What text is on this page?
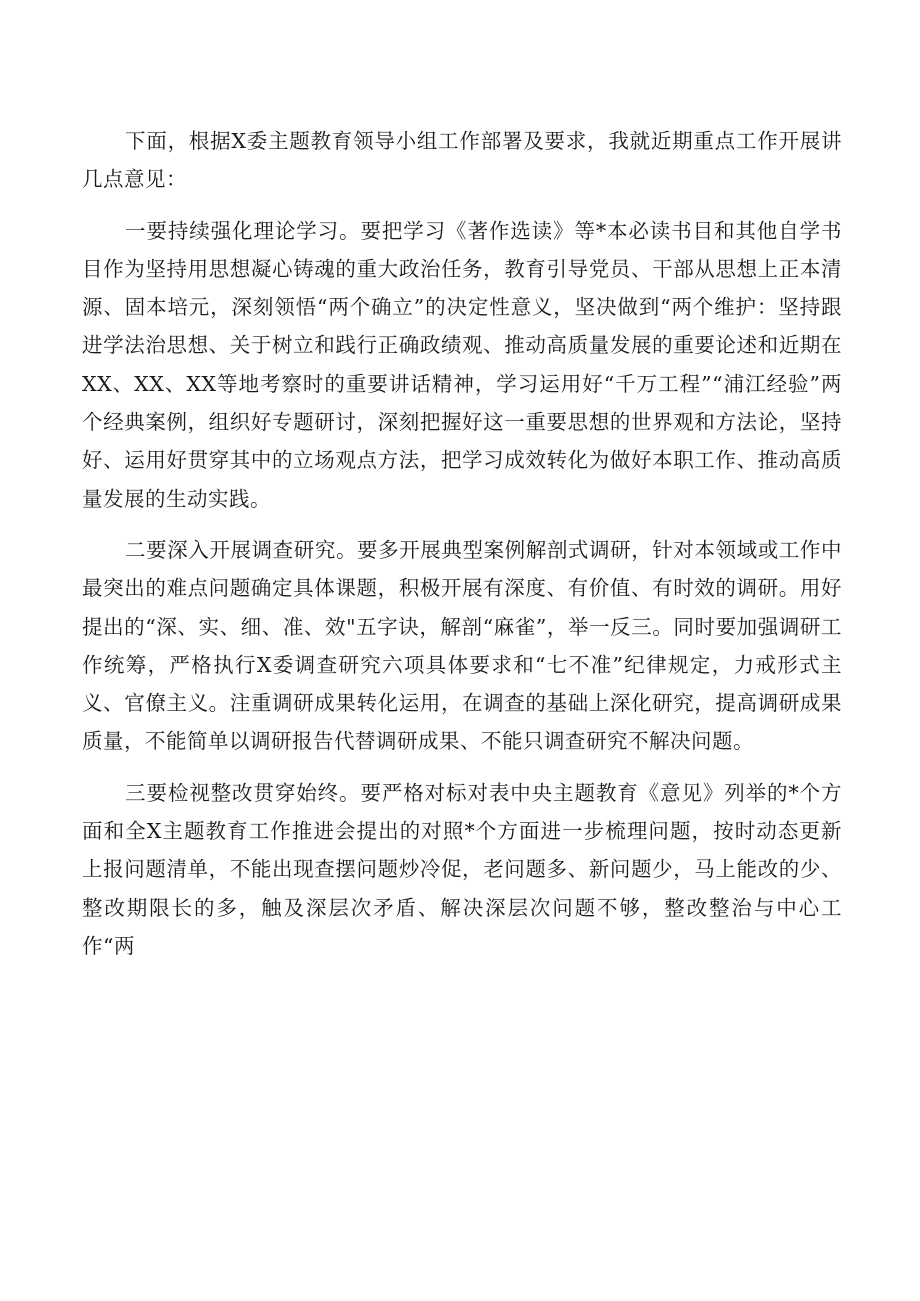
下面，根据X委主题教育领导小组工作部署及要求，我就近期重点工作开展讲几点意见：

一要持续强化理论学习。要把学习《著作选读》等*本必读书目和其他自学书目作为坚持用思想凝心铸魂的重大政治任务，教育引导党员、干部从思想上正本清源、固本培元，深刻领悟“两个确立”的决定性意义，坚决做到“两个维护：坚持跟进学法治思想、关于树立和践行正确政绩观、推动高质量发展的重要论述和近期在XX、XX、XX等地考察时的重要讲话精神，学习运用好“千万工程”“浦江经验”两个经典案例，组织好专题研讨，深刻把握好这一重要思想的世界观和方法论，坚持好、运用好贯穿其中的立场观点方法，把学习成效转化为做好本职工作、推动高质量发展的生动实践。

二要深入开展调查研究。要多开展典型案例解剖式调研，针对本领域或工作中最突出的难点问题确定具体课题，积极开展有深度、有价值、有时效的调研。用好提出的“深、实、细、准、效"五字诀，解剖“麻雀”，举一反三。同时要加强调研工作统筹，严格执行X委调查研究六项具体要求和“七不准”纪律规定，力戒形式主义、官僚主义。注重调研成果转化运用，在调查的基础上深化研究，提高调研成果质量，不能简单以调研报告代替调研成果、不能只调查研究不解决问题。

三要检视整改贯穿始终。要严格对标对表中央主题教育《意见》列举的*个方面和全X主题教育工作推进会提出的对照*个方面进一步梳理问题，按时动态更新上报问题清单，不能出现查摆问题炒冷促，老问题多、新问题少，马上能改的少、整改期限长的多，触及深层次矛盾、解决深层次问题不够，整改整治与中心工作“两
